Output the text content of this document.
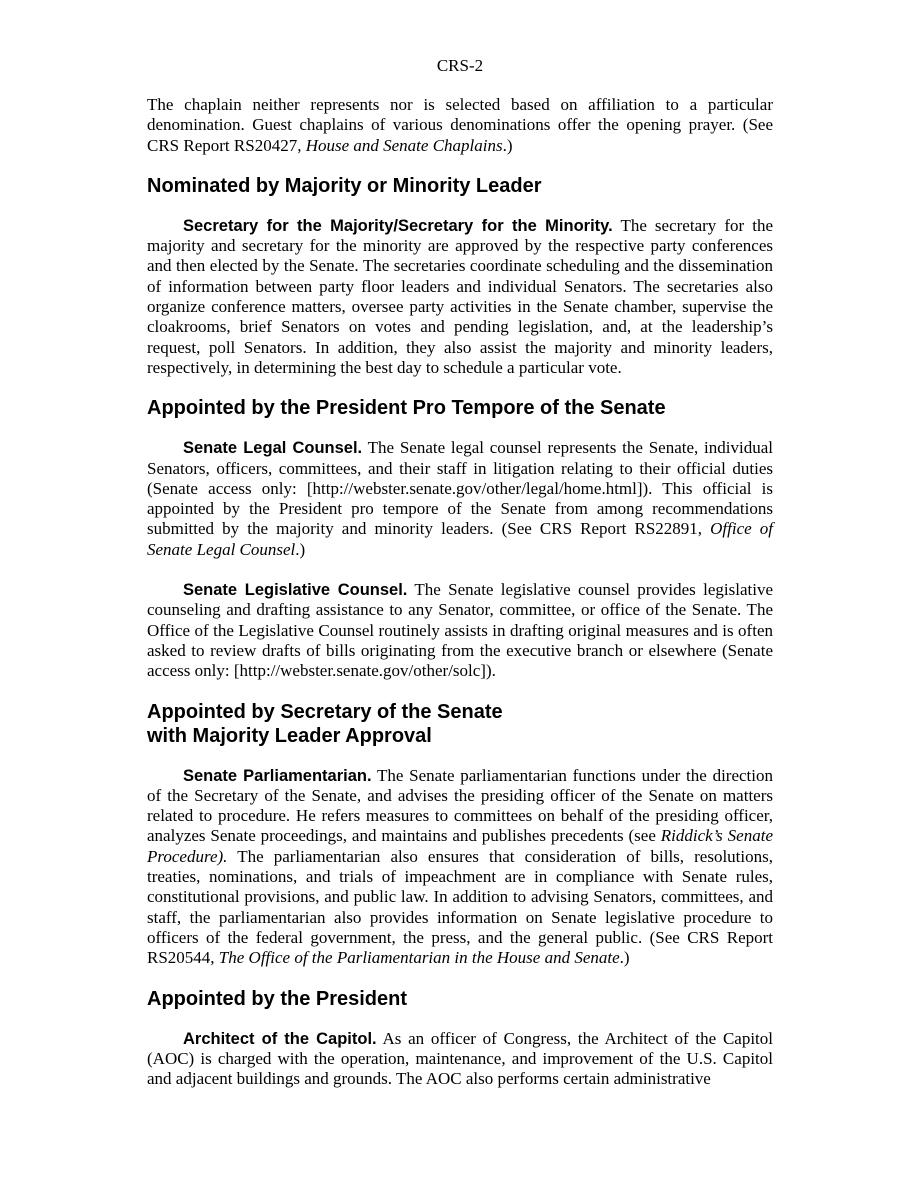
CRS-2

The chaplain neither represents nor is selected based on affiliation to a particular denomination. Guest chaplains of various denominations offer the opening prayer. (See CRS Report RS20427, House and Senate Chaplains.)

Nominated by Majority or Minority Leader

Secretary for the Majority/Secretary for the Minority. The secretary for the majority and secretary for the minority are approved by the respective party conferences and then elected by the Senate. The secretaries coordinate scheduling and the dissemination of information between party floor leaders and individual Senators. The secretaries also organize conference matters, oversee party activities in the Senate chamber, supervise the cloakrooms, brief Senators on votes and pending legislation, and, at the leadership’s request, poll Senators. In addition, they also assist the majority and minority leaders, respectively, in determining the best day to schedule a particular vote.

Appointed by the President Pro Tempore of the Senate

Senate Legal Counsel. The Senate legal counsel represents the Senate, individual Senators, officers, committees, and their staff in litigation relating to their official duties (Senate access only: [http://webster.senate.gov/other/legal/home.html]). This official is appointed by the President pro tempore of the Senate from among recommendations submitted by the majority and minority leaders. (See CRS Report RS22891, Office of Senate Legal Counsel.)

Senate Legislative Counsel. The Senate legislative counsel provides legislative counseling and drafting assistance to any Senator, committee, or office of the Senate. The Office of the Legislative Counsel routinely assists in drafting original measures and is often asked to review drafts of bills originating from the executive branch or elsewhere (Senate access only: [http://webster.senate.gov/other/solc]).

Appointed by Secretary of the Senate
with Majority Leader Approval

Senate Parliamentarian. The Senate parliamentarian functions under the direction of the Secretary of the Senate, and advises the presiding officer of the Senate on matters related to procedure. He refers measures to committees on behalf of the presiding officer, analyzes Senate proceedings, and maintains and publishes precedents (see Riddick’s Senate Procedure). The parliamentarian also ensures that consideration of bills, resolutions, treaties, nominations, and trials of impeachment are in compliance with Senate rules, constitutional provisions, and public law. In addition to advising Senators, committees, and staff, the parliamentarian also provides information on Senate legislative procedure to officers of the federal government, the press, and the general public. (See CRS Report RS20544, The Office of the Parliamentarian in the House and Senate.)

Appointed by the President

Architect of the Capitol. As an officer of Congress, the Architect of the Capitol (AOC) is charged with the operation, maintenance, and improvement of the U.S. Capitol and adjacent buildings and grounds. The AOC also performs certain administrative
